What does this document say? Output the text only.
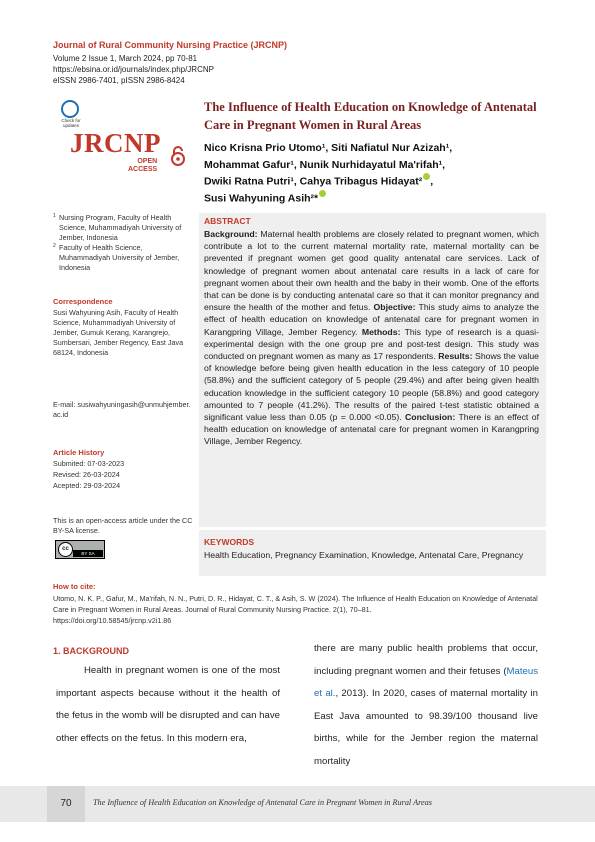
Journal of Rural Community Nursing Practice (JRCNP)
Volume 2 Issue 1, March 2024, pp 70-81
https://ebsina.or.id/journals/index.php/JRCNP
eISSN 2986-7401, pISSN 2986-8424
Check for updates
JRCNP
OPEN
ACCESS
The Influence of Health Education on Knowledge of Antenatal Care in Pregnant Women in Rural Areas
Nico Krisna Prio Utomo¹, Siti Nafiatul Nur Azizah¹,
Mohammat Gafur¹, Nunik Nurhidayatul Ma'rifah¹,
Dwiki Ratna Putri¹, Cahya Tribagus Hidayat² ,
Susi Wahyuning Asih²*
1 Nursing Program, Faculty of Health Science, Muhammadiyah University of Jember, Indonesia
2 Faculty of Health Science, Muhammadiyah University of Jember, Indonesia
Correspondence
Susi Wahyuning Asih, Faculty of Health Science, Muhammadiyah University of Jember, Gumuk Kerang, Karangrejo, Sumbersari, Jember Regency, East Java 68124, Indonesia
E-mail: susiwahyuningasih@unmuhjember.ac.id
Article History
Submited: 07-03-2023
Revised: 26-03-2024
Acepted: 29-03-2024
This is an open-access article under the CC BY-SA license.
cc
BY SA
ABSTRACT
Background: Maternal health problems are closely related to pregnant women, which contribute a lot to the current maternal mortality rate, maternal mortality can be prevented if pregnant women get good quality antenatal care services. Lack of knowledge of pregnant women about antenatal care results in a lack of care for pregnant women about their own health and the baby in their womb. One of the efforts that can be done is by conducting antenatal care so that it can monitor pregnancy and ensure the health of the mother and fetus. Objective: This study aims to analyze the effect of health education on knowledge of antenatal care for pregnant women in Karangpring Village, Jember Regency. Methods: This type of research is a quasi-experimental design with the one group pre and post-test design. This study was conducted on pregnant women as many as 17 respondents. Results: Shows the value of knowledge before being given health education in the less category of 10 people (58.8%) and the sufficient category of 5 people (29.4%) and after being given health education knowledge in the sufficient category 10 people (58.8%) and good category amounted to 7 people (41.2%). The results of the paired t-test statistic obtained a significant value less than 0.05 (p = 0.000 <0.05). Conclusion: There is an effect of health education on knowledge of antenatal care for pregnant women in Karangpring Village, Jember Regency.
KEYWORDS
Health Education, Pregnancy Examination, Knowledge, Antenatal Care, Pregnancy
How to cite:
Utomo, N. K. P., Gafur, M., Ma'rifah, N. N., Putri, D. R., Hidayat, C. T., & Asih, S. W (2024). The Influence of Health Education on Knowledge of Antenatal Care in Pregnant Women in Rural Areas. Journal of Rural Community Nursing Practice. 2(1), 70–81.
https://doi.org/10.58545/jrcnp.v2i1.86
1. BACKGROUND
Health in pregnant women is one of the most important aspects because without it the health of the fetus in the womb will be disrupted and can have other effects on the fetus. In this modern era,
there are many public health problems that occur, including pregnant women and their fetuses (Mateus et al., 2013). In 2020, cases of maternal mortality in East Java amounted to 98.39/100 thousand live births, while for the Jember region the maternal mortality
70	The Influence of Health Education on Knowledge of Antenatal Care in Pregnant Women in Rural Areas
